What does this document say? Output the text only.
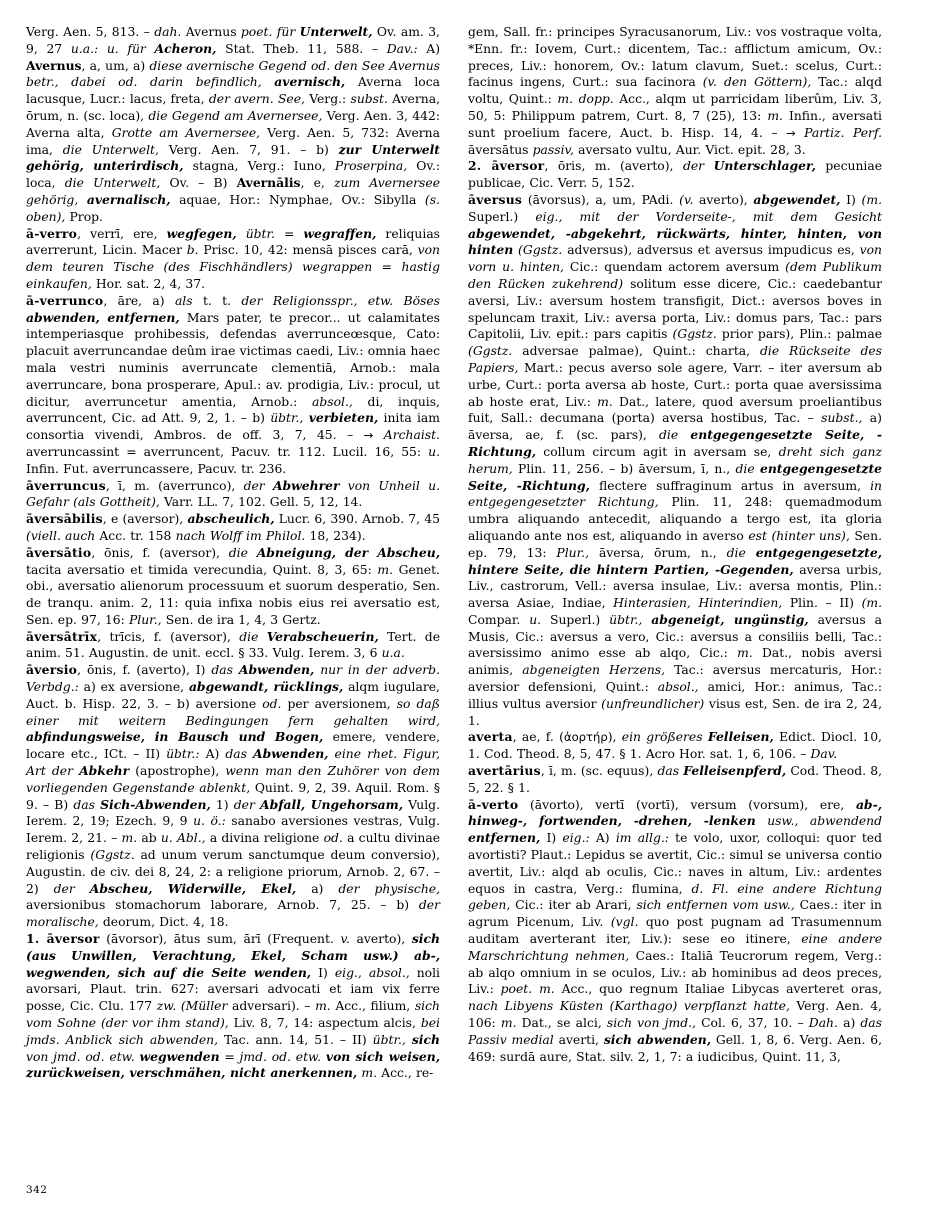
Verg. Aen. 5, 813. – dah. Avernus poet. für Unterwelt, Ov. am. 3, 9, 27 u.a.: u. für Acheron, Stat. Theb. 11, 588. – Dav.: A) Avernus, a, um, a) diese avernische Gegend od. den See Avernus betr., dabei od. darin befindlich, avernisch, Averna loca lacusque, Lucr.: lacus, freta, der avern. See, Verg.: subst. Averna, ōrum, n. (sc. loca), die Gegend am Avernersee, Verg. Aen. 3, 442: Averna alta, Grotte am Avernersee, Verg. Aen. 5, 732: Averna ima, die Unterwelt, Verg. Aen. 7, 91. – b) zur Unterwelt gehörig, unterirdisch, stagna, Verg.: Iuno, Proserpina, Ov.: loca, die Unterwelt, Ov. – B) Avernālis, e, zum Avernersee gehörig, avernalisch, aquae, Hor.: Nymphae, Ov.: Sibylla (s. oben), Prop.

ā-verro, verrī, ere, wegfegen, übtr. = wegraffen, reliquias averrerunt, Licin. Macer b. Prisc. 10, 42: mensā pisces carā, von dem teuren Tische (des Fischhändlers) wegrappen = hastig einkaufen, Hor. sat. 2, 4, 37.

ā-verrunco, āre, a) als t. t. der Religionsspr., etw. Böses abwenden, entfernen, Mars pater, te precor... ut calamitates intemperiasque prohibessis, defendas averrunceœsque, Cato: placuit averruncandae deûm irae victimas caedi, Liv.: omnia haec mala vestri numinis averruncate clementiā, Arnob.: mala averruncare, bona prosperare, Apul.: av. prodigia, Liv.: procul, ut dicitur, averruncetur amentia, Arnob.: absol., di, inquis, averruncent, Cic. ad Att. 9, 2, 1. – b) übtr., verbieten, inita iam consortia vivendi, Ambros. de off. 3, 7, 45. – → Archaist. averruncassint = averruncent, Pacuv. tr. 112. Lucil. 16, 55: u. Infin. Fut. averruncassere, Pacuv. tr. 236.

āverruncus, ī, m. (averrunco), der Abwehrer von Unheil u. Gefahr (als Gottheit), Varr. LL. 7, 102. Gell. 5, 12, 14.

āversābilis, e (aversor), abscheulich, Lucr. 6, 390. Arnob. 7, 45 (viell. auch Acc. tr. 158 nach Wolff im Philol. 18, 234).

āversātio, ōnis, f. (aversor), die Abneigung, der Abscheu, tacita aversatio et timida verecundia, Quint. 8, 3, 65: m. Genet. obi., aversatio alienorum processuum et suorum desperatio, Sen. de tranqu. anim. 2, 11: quia infixa nobis eius rei aversatio est, Sen. ep. 97, 16: Plur., Sen. de ira 1, 4, 3 Gertz.

āversātrīx, trīcis, f. (aversor), die Verabscheuerin, Tert. de anim. 51. Augustin. de unit. eccl. § 33. Vulg. Ierem. 3, 6 u.a.

āversio, ōnis, f. (averto), I) das Abwenden, nur in der adverb. Verbdg.: a) ex aversione, abgewandt, rücklings, alqm iugulare, Auct. b. Hisp. 22, 3. – b) aversione od. per aversionem, so daß einer mit weitern Bedingungen fern gehalten wird, abfindungsweise, in Bausch und Bogen, emere, vendere, locare etc., ICt. – II) übtr.: A) das Abwenden, eine rhet. Figur, Art der Abkehr (apostrophe), wenn man den Zuhörer von dem vorliegenden Gegenstande ablenkt, Quint. 9, 2, 39. Aquil. Rom. § 9. – B) das Sich-Abwenden, 1) der Abfall, Ungehorsam, Vulg. Ierem. 2, 19; Ezech. 9, 9 u. ö.: sanabo aversiones vestras, Vulg. Ierem. 2, 21. – m. ab u. Abl., a divina religione od. a cultu divinae religionis (Ggstz. ad unum verum sanctumque deum conversio), Augustin. de civ. dei 8, 24, 2: a religione priorum, Arnob. 2, 67. – 2) der Abscheu, Widerwille, Ekel, a) der physische, aversionibus stomachorum laborare, Arnob. 7, 25. – b) der moralische, deorum, Dict. 4, 18.

1. āversor (āvorsor), ātus sum, ārī (Frequent. v. averto), sich (aus Unwillen, Verachtung, Ekel, Scham usw.) ab-, wegwenden, sich auf die Seite wenden, I) eig., absol., noli avorsari, Plaut. trin. 627: aversari advocati et iam vix ferre posse, Cic. Clu. 177 zw. (Müller adversari). – m. Acc., filium, sich vom Sohne (der vor ihm stand), Liv. 8, 7, 14: aspectum alcis, bei jmds. Anblick sich abwenden, Tac. ann. 14, 51. – II) übtr., sich von jmd. od. etw. wegwenden = jmd. od. etw. von sich weisen, zurückweisen, verschmähen, nicht anerkennen, m. Acc., re-

gem, Sall. fr.: principes Syracusanorum, Liv.: vos vostraque volta, *Enn. fr.: Iovem, Curt.: dicentem, Tac.: afflictum amicum, Ov.: preces, Liv.: honorem, Ov.: latum clavum, Suet.: scelus, Curt.: facinus ingens, Curt.: sua facinora (v. den Göttern), Tac.: alqd voltu, Quint.: m. dopp. Acc., alqm ut parricidam liberûm, Liv. 3, 50, 5: Philippum patrem, Curt. 8, 7 (25), 13: m. Infin., aversati sunt proelium facere, Auct. b. Hisp. 14, 4. – → Partiz. Perf. āversātus passiv, aversato vultu, Aur. Vict. epit. 28, 3.

2. āversor, ōris, m. (averto), der Unterschlager, pecuniae publicae, Cic. Verr. 5, 152.

āversus (āvorsus), a, um, PAdi. (v. averto), abgewendet, I) (m. Superl.) eig., mit der Vorderseite-, mit dem Gesicht abgewendet, -abgekehrt, rückwärts, hinter, hinten, von hinten (Ggstz. adversus), adversus et aversus impudicus es, von vorn u. hinten, Cic.: quendam actorem aversum (dem Publikum den Rücken zukehrend) solitum esse dicere, Cic.: caedebantur aversi, Liv.: aversum hostem transfigit, Dict.: aversos boves in speluncam traxit, Liv.: aversa porta, Liv.: domus pars, Tac.: pars Capitolii, Liv. epit.: pars capitis (Ggstz. prior pars), Plin.: palmae (Ggstz. adversae palmae), Quint.: charta, die Rückseite des Papiers, Mart.: pecus averso sole agere, Varr. – iter aversum ab urbe, Curt.: porta aversa ab hoste, Curt.: porta quae aversissima ab hoste erat, Liv.: m. Dat., latere, quod aversum proeliantibus fuit, Sall.: decumana (porta) aversa hostibus, Tac. – subst., a) āversa, ae, f. (sc. pars), die entgegengesetzte Seite, -Richtung, collum circum agit in aversam se, dreht sich ganz herum, Plin. 11, 256. – b) āversum, ī, n., die entgegengesetzte Seite, -Richtung, flectere suffraginum artus in aversum, in entgegengesetzter Richtung, Plin. 11, 248: quemadmodum umbra aliquando antecedit, aliquando a tergo est, ita gloria aliquando ante nos est, aliquando in averso est (hinter uns), Sen. ep. 79, 13: Plur., āversa, ōrum, n., die entgegengesetzte, hintere Seite, die hintern Partien, -Gegenden, aversa urbis, Liv., castrorum, Vell.: aversa insulae, Liv.: aversa montis, Plin.: aversa Asiae, Indiae, Hinterasien, Hinterindien, Plin. – II) (m. Compar. u. Superl.) übtr., abgeneigt, ungünstig, aversus a Musis, Cic.: aversus a vero, Cic.: aversus a consiliis belli, Tac.: aversissimo animo esse ab alqo, Cic.: m. Dat., nobis aversi animis, abgeneigten Herzens, Tac.: aversus mercaturis, Hor.: aversior defensioni, Quint.: absol., amici, Hor.: animus, Tac.: illius vultus aversior (unfreundlicher) visus est, Sen. de ira 2, 24, 1.

averta, ae, f. (ἀορτήρ), ein größeres Felleisen, Edict. Diocl. 10, 1. Cod. Theod. 8, 5, 47. § 1. Acro Hor. sat. 1, 6, 106. – Dav.

avertārius, ī, m. (sc. equus), das Felleisenpferd, Cod. Theod. 8, 5, 22. § 1.

ā-verto (āvorto), vertī (vortī), versum (vorsum), ere, ab-, hinweg-, fortwenden, -drehen, -lenken usw., abwendend entfernen, I) eig.: A) im allg.: te volo, uxor, colloqui: quor ted avortisti? Plaut.: Lepidus se avertit, Cic.: simul se universa contio avertit, Liv.: alqd ab oculis, Cic.: naves in altum, Liv.: ardentes equos in castra, Verg.: flumina, d. Fl. eine andere Richtung geben, Cic.: iter ab Arari, sich entfernen vom usw., Caes.: iter in agrum Picenum, Liv. (vgl. quo post pugnam ad Trasumennum auditam averterant iter, Liv.): sese eo itinere, eine andere Marschrichtung nehmen, Caes.: Italiā Teucrorum regem, Verg.: ab alqo omnium in se oculos, Liv.: ab hominibus ad deos preces, Liv.: poet. m. Acc., quo regnum Italiae Libycas averteret oras, nach Libyens Küsten (Karthago) verpflanzt hatte, Verg. Aen. 4, 106: m. Dat., se alci, sich von jmd., Col. 6, 37, 10. – Dah. a) das Passiv medial averti, sich abwenden, Gell. 1, 8, 6. Verg. Aen. 6, 469: surdā aure, Stat. silv. 2, 1, 7: a iudicibus, Quint. 11, 3,

342
